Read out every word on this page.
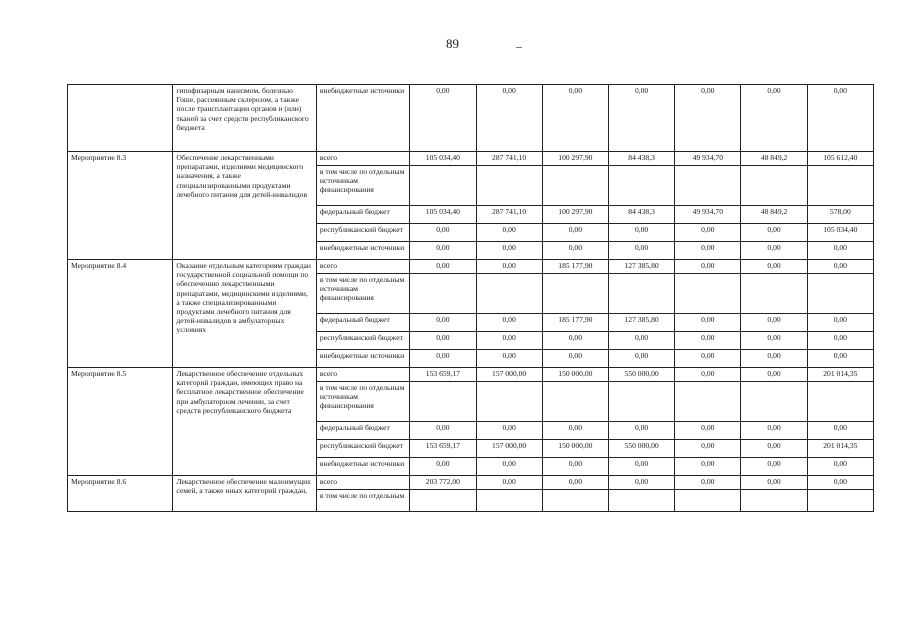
89
	гипофизарным нанизмом, болезнью Гоше, рассеянным склерозом, а также после трансплантации органов и (или) тканей за счет средств республиканского бюджета	внебюджетные источники	0,00	0,00	0,00	0,00	0,00	0,00	0,00
Мероприятие 8.3	Обеспечение лекарственными препаратами, изделиями медицинского назначения, а также специализированными продуктами лечебного питания для детей-инвалидов	всего	105 034,40	287 741,10	100 297,90	84 438,3	49 934,70	48 849,2	105 612,40
		в том числе по отдельным источникам финансирования							
		федеральный бюджет	105 034,40	287 741,10	100 297,90	84 438,3	49 934,70	48 849,2	578,00
		республиканский бюджет	0,00	0,00	0,00	0,00	0,00	0,00	105 034,40
		внебюджетные источники	0,00	0,00	0,00	0,00	0,00	0,00	0,00
Мероприятие 8.4	Оказание отдельным категориям граждан государственной социальной помощи по обеспечению лекарственными препаратами, медицинскими изделиями, а также специализированными продуктами лечебного питания для детей-инвалидов в амбулаторных условиях	всего	0,00	0,00	185 177,90	127 385,80	0,00	0,00	0,00
		в том числе по отдельным источникам финансирования							
		федеральный бюджет	0,00	0,00	185 177,90	127 385,80	0,00	0,00	0,00
		республиканский бюджет	0,00	0,00	0,00	0,00	0,00	0,00	0,00
		внебюджетные источники	0,00	0,00	0,00	0,00	0,00	0,00	0,00
Мероприятие 8.5	Лекарственное обеспечение отдельных категорий граждан, имеющих право на бесплатное лекарственное обеспечение при амбулаторном лечении, за счет средств республиканского бюджета	всего	153 659,17	157 000,00	150 000,00	550 000,00	0,00	0,00	201 014,35
		в том числе по отдельным источникам финансирования							
		федеральный бюджет	0,00	0,00	0,00	0,00	0,00	0,00	0,00
		республиканский бюджет	153 659,17	157 000,00	150 000,00	550 000,00	0,00	0,00	201 014,35
		внебюджетные источники	0,00	0,00	0,00	0,00	0,00	0,00	0,00
Мероприятие 8.6	Лекарственное обеспечение малоимущих семей, а также иных категорий граждан,	всего	203 772,00	0,00	0,00	0,00	0,00	0,00	0,00
		в том числе по отдельным							
